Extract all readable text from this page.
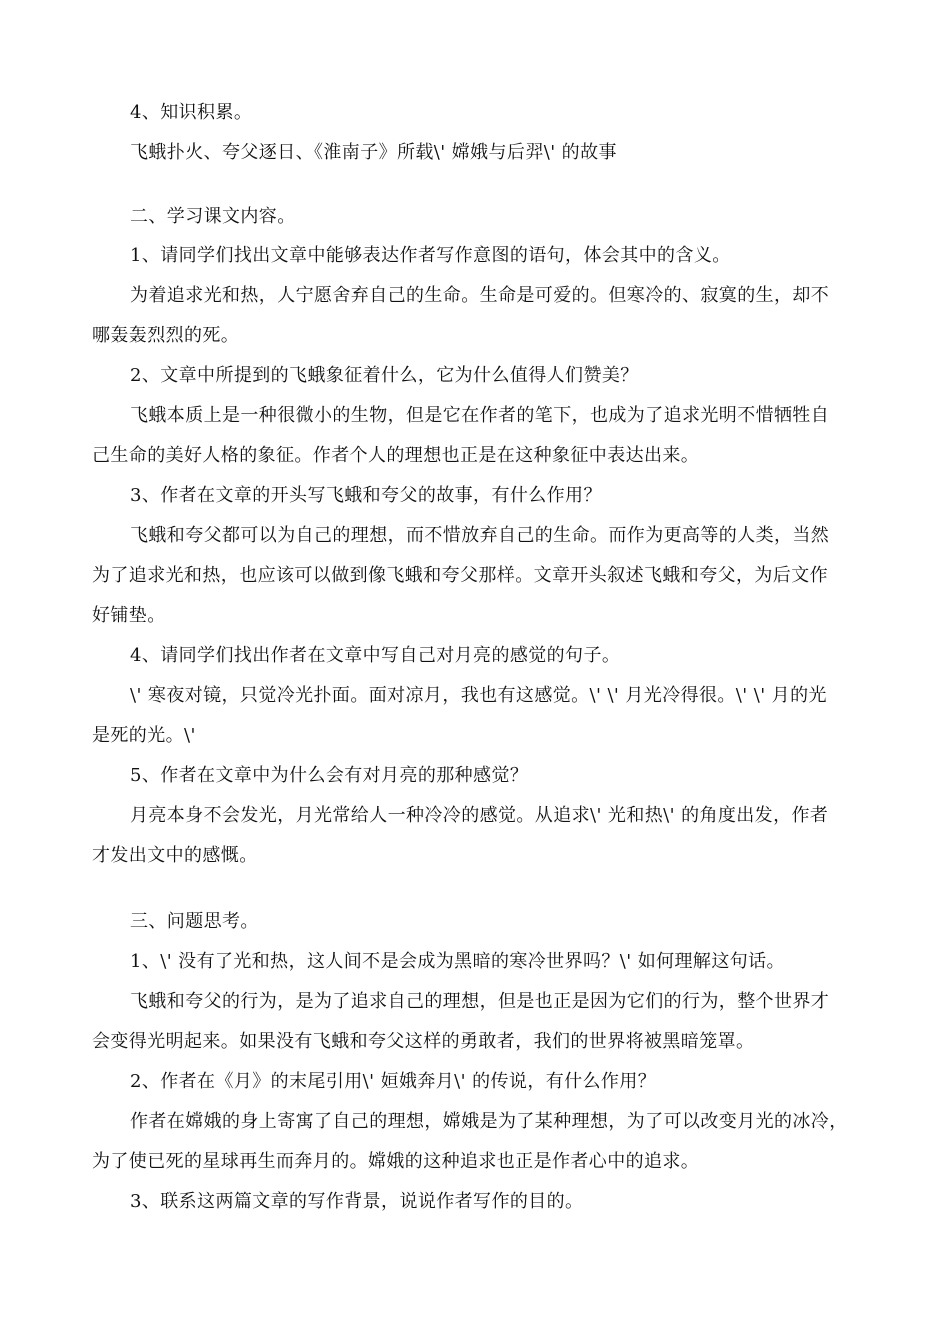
4、知识积累。
飞蛾扑火、夸父逐日、《淮南子》所载\' 嫦娥与后羿\' 的故事
二、学习课文内容。
1、请同学们找出文章中能够表达作者写作意图的语句，体会其中的含义。
为着追求光和热，人宁愿舍弃自己的生命。生命是可爱的。但寒冷的、寂寞的生，却不
哪轰轰烈烈的死。
2、文章中所提到的飞蛾象征着什么，它为什么值得人们赞美？
飞蛾本质上是一种很微小的生物，但是它在作者的笔下，也成为了追求光明不惜牺牲自
己生命的美好人格的象征。作者个人的理想也正是在这种象征中表达出来。
3、作者在文章的开头写飞蛾和夸父的故事，有什么作用？
飞蛾和夸父都可以为自己的理想，而不惜放弃自己的生命。而作为更高等的人类，当然
为了追求光和热，也应该可以做到像飞蛾和夸父那样。文章开头叙述飞蛾和夸父，为后文作
好铺垫。
4、请同学们找出作者在文章中写自己对月亮的感觉的句子。
\' 寒夜对镜，只觉冷光扑面。面对凉月，我也有这感觉。\' \' 月光冷得很。\' \' 月的光
是死的光。\'
5、作者在文章中为什么会有对月亮的那种感觉？
月亮本身不会发光，月光常给人一种冷冷的感觉。从追求\' 光和热\' 的角度出发，作者
才发出文中的感慨。
三、问题思考。
1、\' 没有了光和热，这人间不是会成为黑暗的寒冷世界吗？\' 如何理解这句话。
飞蛾和夸父的行为，是为了追求自己的理想，但是也正是因为它们的行为，整个世界才
会变得光明起来。如果没有飞蛾和夸父这样的勇敢者，我们的世界将被黑暗笼罩。
2、作者在《月》的末尾引用\' 姮娥奔月\' 的传说，有什么作用？
作者在嫦娥的身上寄寓了自己的理想，嫦娥是为了某种理想，为了可以改变月光的冰冷，
为了使已死的星球再生而奔月的。嫦娥的这种追求也正是作者心中的追求。
3、联系这两篇文章的写作背景，说说作者写作的目的。
